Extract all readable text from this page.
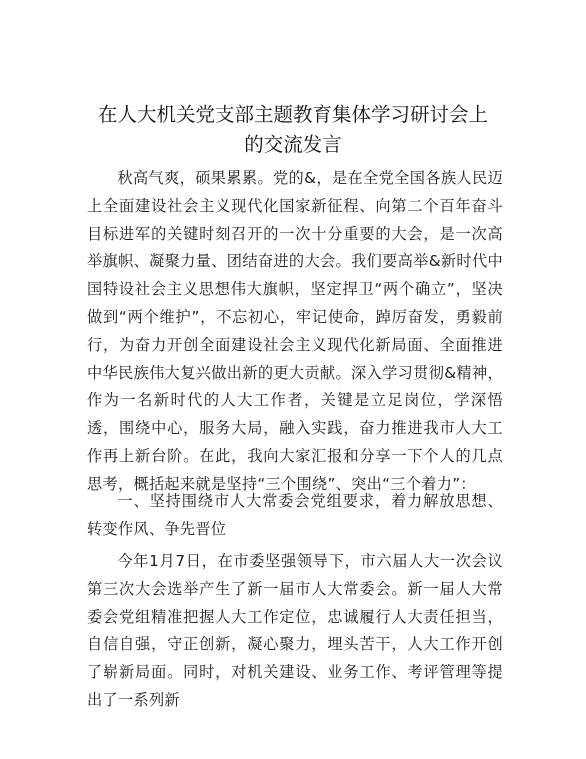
在人大机关党支部主题教育集体学习研讨会上
的交流发言

秋高气爽，硕果累累。党的&，是在全党全国各族人民迈上全面建设社会主义现代化国家新征程、向第二个百年奋斗目标进军的关键时刻召开的一次十分重要的大会，是一次高举旗帜、凝聚力量、团结奋进的大会。我们要高举&新时代中国特设社会主义思想伟大旗帜，坚定捍卫“两个确立”，坚决做到“两个维护”，不忘初心，牢记使命，踔厉奋发，勇毅前行，为奋力开创全面建设社会主义现代化新局面、全面推进中华民族伟大复兴做出新的更大贡献。深入学习贯彻&精神，作为一名新时代的人大工作者，关键是立足岗位，学深悟透，围绕中心，服务大局，融入实践，奋力推进我市人大工作再上新台阶。在此，我向大家汇报和分享一下个人的几点思考，概括起来就是坚持“三个围绕”、突出“三个着力”：

一、坚持围绕市人大常委会党组要求，着力解放思想、转变作风、争先晋位

今年1月7日，在市委坚强领导下，市六届人大一次会议第三次大会选举产生了新一届市人大常委会。新一届人大常委会党组精准把握人大工作定位，忠诚履行人大责任担当，自信自强，守正创新，凝心聚力，埋头苦干，人大工作开创了崭新局面。同时，对机关建设、业务工作、考评管理等提出了一系列新
